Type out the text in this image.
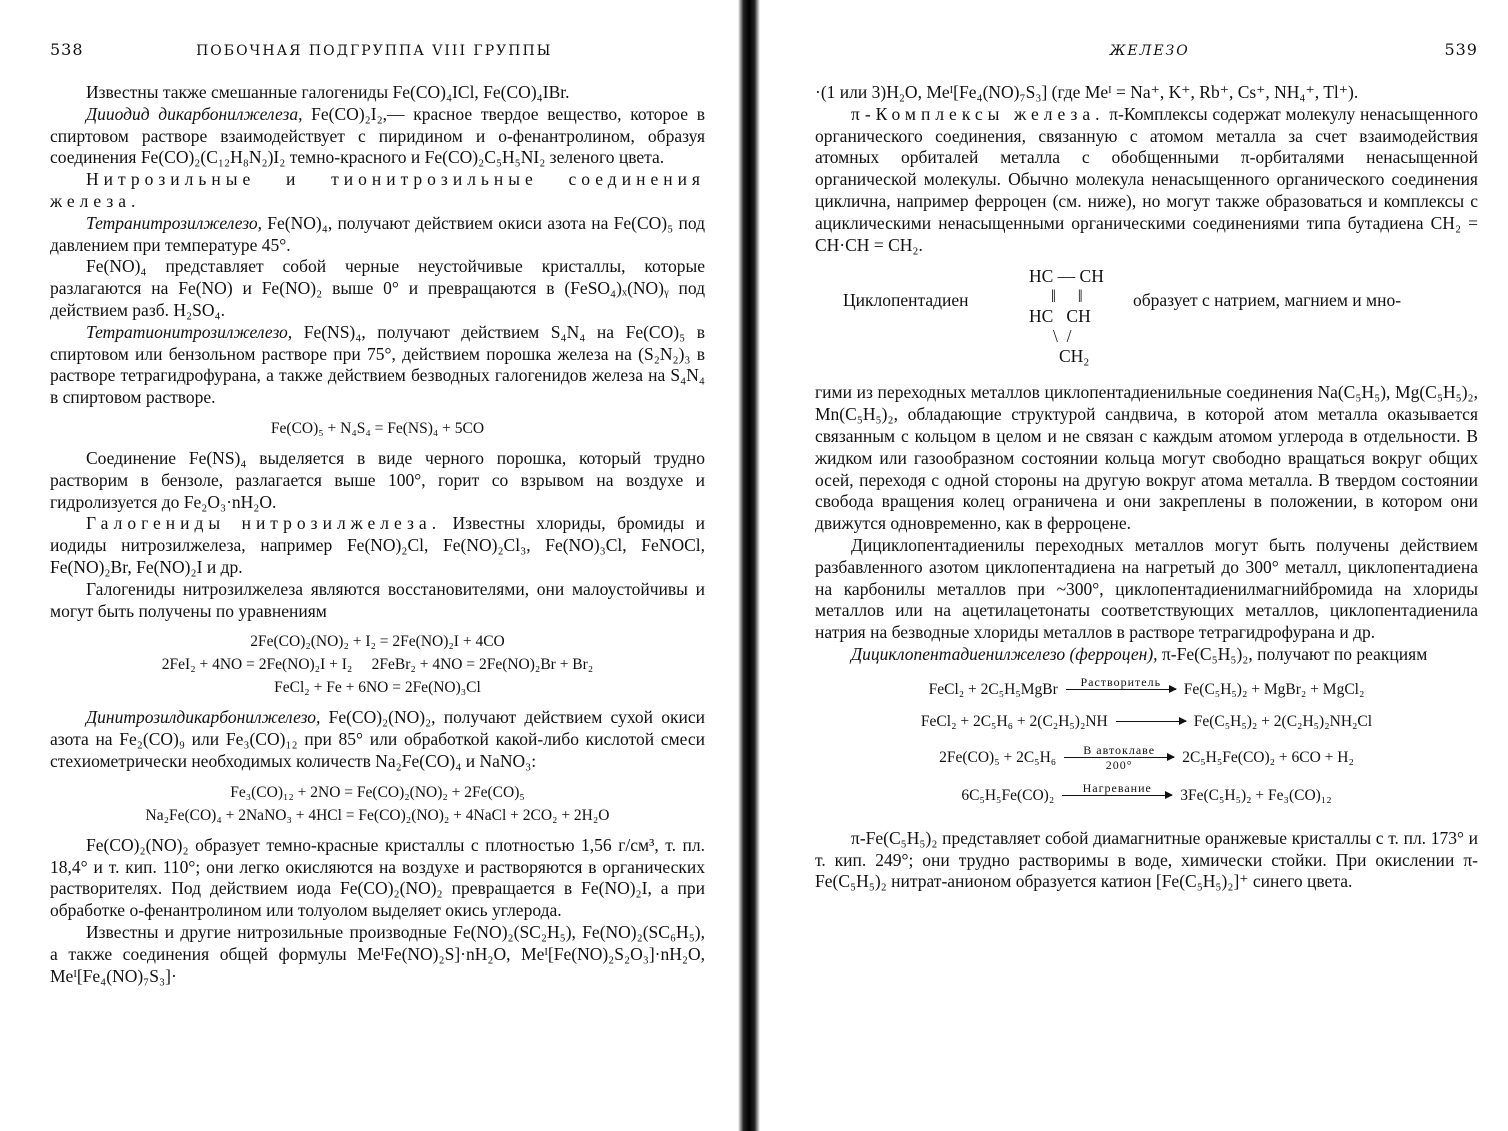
538	ПОБОЧНАЯ ПОДГРУППА VIII ГРУППЫ

Известны также смешанные галогениды Fe(CO)₄ICl, Fe(CO)₄IBr.

Дииодид дикарбонилжелеза, Fe(CO)₂I₂,— красное твердое вещество, которое в спиртовом растворе взаимодействует с пиридином и o-фенантролином, образуя соединения Fe(CO)₂(C₁₂H₈N₂)I₂ темно-красного и Fe(CO)₂C₅H₅NI₂ зеленого цвета.

Нитрозильные и тионитрозильные соединения железа.

Тетранитрозилжелезо, Fe(NO)₄, получают действием окиси азота на Fe(CO)₅ под давлением при температуре 45°.

Fe(NO)₄ представляет собой черные неустойчивые кристаллы, которые разлагаются на Fe(NO) и Fe(NO)₂ выше 0° и превращаются в (FeSO₄)ₓ(NO)ᵧ под действием разб. H₂SO₄.

Тетратионитрозилжелезо, Fe(NS)₄, получают действием S₄N₄ на Fe(CO)₅ в спиртовом или бензольном растворе при 75°, действием порошка железа на (S₂N₂)₃ в растворе тетрагидрофурана, а также действием безводных галогенидов железа на S₄N₄ в спиртовом растворе.

Fe(CO)₅ + N₄S₄ = Fe(NS)₄ + 5CO

Соединение Fe(NS)₄ выделяется в виде черного порошка, который трудно растворим в бензоле, разлагается выше 100°, горит со взрывом на воздухе и гидролизуется до Fe₂O₃·nH₂O.

Галогениды нитрозилжелеза. Известны хлориды, бромиды и иодиды нитрозилжелеза, например Fe(NO)₂Cl, Fe(NO)₂Cl₃, Fe(NO)₃Cl, FeNOCl, Fe(NO)₂Br, Fe(NO)₂I и др.

Галогениды нитрозилжелеза являются восстановителями, они малоустойчивы и могут быть получены по уравнениям

2Fe(CO)₂(NO)₂ + I₂ = 2Fe(NO)₂I + 4CO
2FeI₂ + 4NO = 2Fe(NO)₂I + I₂     2FeBr₂ + 4NO = 2Fe(NO)₂Br + Br₂
FeCl₂ + Fe + 6NO = 2Fe(NO)₃Cl

Динитрозилдикарбонилжелезо, Fe(CO)₂(NO)₂, получают действием сухой окиси азота на Fe₂(CO)₉ или Fe₃(CO)₁₂ при 85° или обработкой какой-либо кислотой смеси стехиометрически необходимых количеств Na₂Fe(CO)₄ и NaNO₃:

Fe₃(CO)₁₂ + 2NO = Fe(CO)₂(NO)₂ + 2Fe(CO)₅
Na₂Fe(CO)₄ + 2NaNO₃ + 4HCl = Fe(CO)₂(NO)₂ + 4NaCl + 2CO₂ + 2H₂O

Fe(CO)₂(NO)₂ образует темно-красные кристаллы с плотностью 1,56 г/см³, т. пл. 18,4° и т. кип. 110°; они легко окисляются на воздухе и растворяются в органических растворителях. Под действием иода Fe(CO)₂(NO)₂ превращается в Fe(NO)₂I, а при обработке o-фенантролином или толуолом выделяет окись углерода.

Известны и другие нитрозильные производные Fe(NO)₂(SC₂H₅), Fe(NO)₂(SC₆H₅), а также соединения общей формулы MeᴵFe(NO)₂S]·nH₂O, Meᴵ[Fe(NO)₂S₂O₃]·nH₂O, Meᴵ[Fe₄(NO)₇S₃]·

ЖЕЛЕЗО	539

·(1 или 3)H₂O, Meᴵ[Fe₄(NO)₇S₃] (где Meᴵ = Na⁺, K⁺, Rb⁺, Cs⁺, NH₄⁺, Tl⁺).

π-Комплексы железа. π-Комплексы содержат молекулу ненасыщенного органического соединения, связанную с атомом металла за счет взаимодействия атомных орбиталей металла с обобщенными π-орбиталями ненасыщенной органической молекулы. Обычно молекула ненасыщенного органического соединения циклична, например ферроцен (см. ниже), но могут также образоваться и комплексы с ациклическими ненасыщенными органическими соединениями типа бутадиена CH₂ = CH·CH = CH₂.

Циклопентадиен
HC — CH
‖     ‖
HC   CH
\  /
CH₂
образует с натрием, магнием и мно-

гими из переходных металлов циклопентадиенильные соединения Na(C₅H₅), Mg(C₅H₅)₂, Mn(C₅H₅)₂, обладающие структурой сандвича, в которой атом металла оказывается связанным с кольцом в целом и не связан с каждым атомом углерода в отдельности. В жидком или газообразном состоянии кольца могут свободно вращаться вокруг общих осей, переходя с одной стороны на другую вокруг атома металла. В твердом состоянии свобода вращения колец ограничена и они закреплены в положении, в котором они движутся одновременно, как в ферроцене.

Дициклопентадиенилы переходных металлов могут быть получены действием разбавленного азотом циклопентадиена на нагретый до 300° металл, циклопентадиена на карбонилы металлов при ~300°, циклопентадиенилмагнийбромида на хлориды металлов или на ацетилацетонаты соответствующих металлов, циклопентадиенила натрия на безводные хлориды металлов в растворе тетрагидрофурана и др.

Дициклопентадиенилжелезо (ферроцен), π-Fe(C₅H₅)₂, получают по реакциям

FeCl₂ + 2C₅H₅MgBr Растворитель Fe(C₅H₅)₂ + MgBr₂ + MgCl₂
FeCl₂ + 2C₅H₆ + 2(C₂H₅)₂NH	Fe(C₅H₅)₂ + 2(C₂H₅)₂NH₂Cl
2Fe(CO)₅ + 2C₅H₆ В автоклаве
200°	2C₅H₅Fe(CO)₂ + 6CO + H₂
6C₅H₅Fe(CO)₂ Нагревание 3Fe(C₅H₅)₂ + Fe₃(CO)₁₂

π-Fe(C₅H₅)₂ представляет собой диамагнитные оранжевые кристаллы с т. пл. 173° и т. кип. 249°; они трудно растворимы в воде, химически стойки. При окислении π-Fe(C₅H₅)₂ нитрат-анионом образуется катион [Fe(C₅H₅)₂]⁺ синего цвета.
